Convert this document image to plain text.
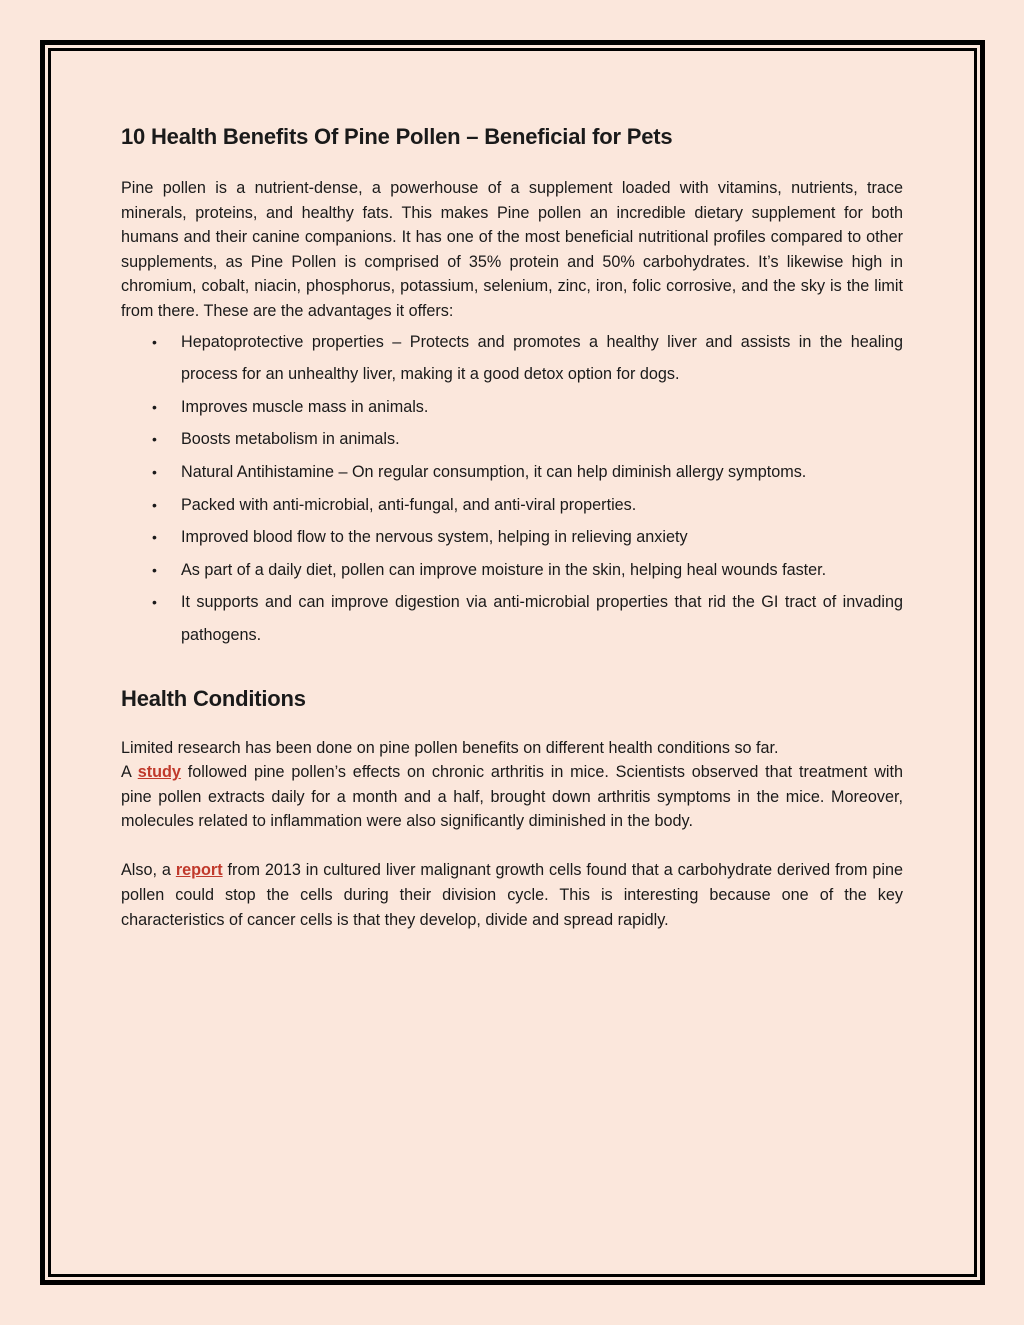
10 Health Benefits Of Pine Pollen – Beneficial for Pets

Pine pollen is a nutrient-dense, a powerhouse of a supplement loaded with vitamins, nutrients, trace minerals, proteins, and healthy fats. This makes Pine pollen an incredible dietary supplement for both humans and their canine companions. It has one of the most beneficial nutritional profiles compared to other supplements, as Pine Pollen is comprised of 35% protein and 50% carbohydrates. It’s likewise high in chromium, cobalt, niacin, phosphorus, potassium, selenium, zinc, iron, folic corrosive, and the sky is the limit from there. These are the advantages it offers:

• Hepatoprotective properties – Protects and promotes a healthy liver and assists in the healing process for an unhealthy liver, making it a good detox option for dogs.
• Improves muscle mass in animals.
• Boosts metabolism in animals.
• Natural Antihistamine – On regular consumption, it can help diminish allergy symptoms.
• Packed with anti-microbial, anti-fungal, and anti-viral properties.
• Improved blood flow to the nervous system, helping in relieving anxiety
• As part of a daily diet, pollen can improve moisture in the skin, helping heal wounds faster.
• It supports and can improve digestion via anti-microbial properties that rid the GI tract of invading pathogens.
Health Conditions

Limited research has been done on pine pollen benefits on different health conditions so far.
A study followed pine pollen’s effects on chronic arthritis in mice. Scientists observed that treatment with pine pollen extracts daily for a month and a half, brought down arthritis symptoms in the mice. Moreover, molecules related to inflammation were also significantly diminished in the body.

Also, a report from 2013 in cultured liver malignant growth cells found that a carbohydrate derived from pine pollen could stop the cells during their division cycle. This is interesting because one of the key characteristics of cancer cells is that they develop, divide and spread rapidly.
